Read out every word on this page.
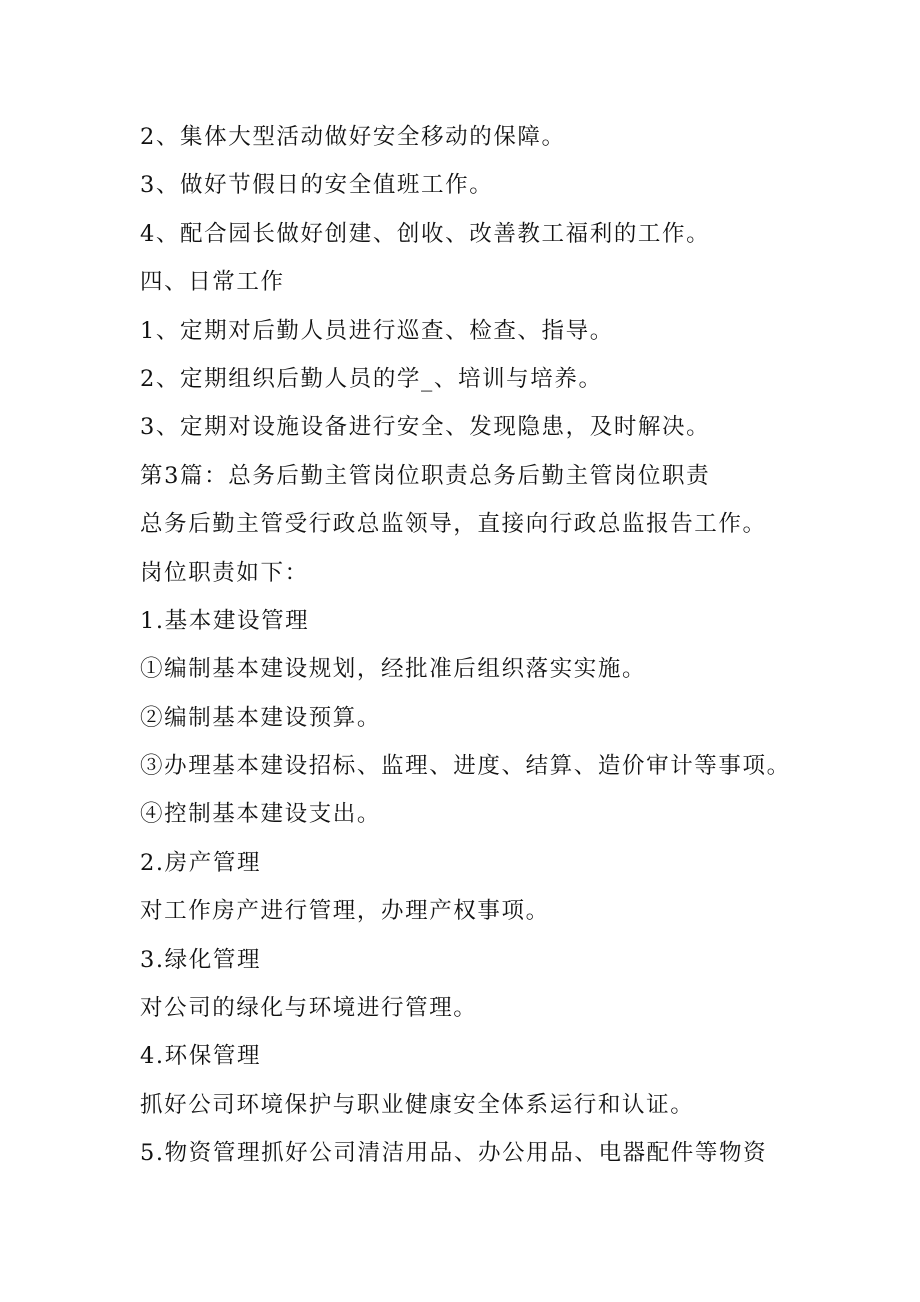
2、集体大型活动做好安全移动的保障。
3、做好节假日的安全值班工作。
4、配合园长做好创建、创收、改善教工福利的工作。
四、日常工作
1、定期对后勤人员进行巡查、检查、指导。
2、定期组织后勤人员的学_、培训与培养。
3、定期对设施设备进行安全、发现隐患，及时解决。
第3篇：总务后勤主管岗位职责总务后勤主管岗位职责
总务后勤主管受行政总监领导，直接向行政总监报告工作。
岗位职责如下：
1.基本建设管理
①编制基本建设规划，经批准后组织落实实施。
②编制基本建设预算。
③办理基本建设招标、监理、进度、结算、造价审计等事项。
④控制基本建设支出。
2.房产管理
对工作房产进行管理，办理产权事项。
3.绿化管理
对公司的绿化与环境进行管理。
4.环保管理
抓好公司环境保护与职业健康安全体系运行和认证。
5.物资管理抓好公司清洁用品、办公用品、电器配件等物资
